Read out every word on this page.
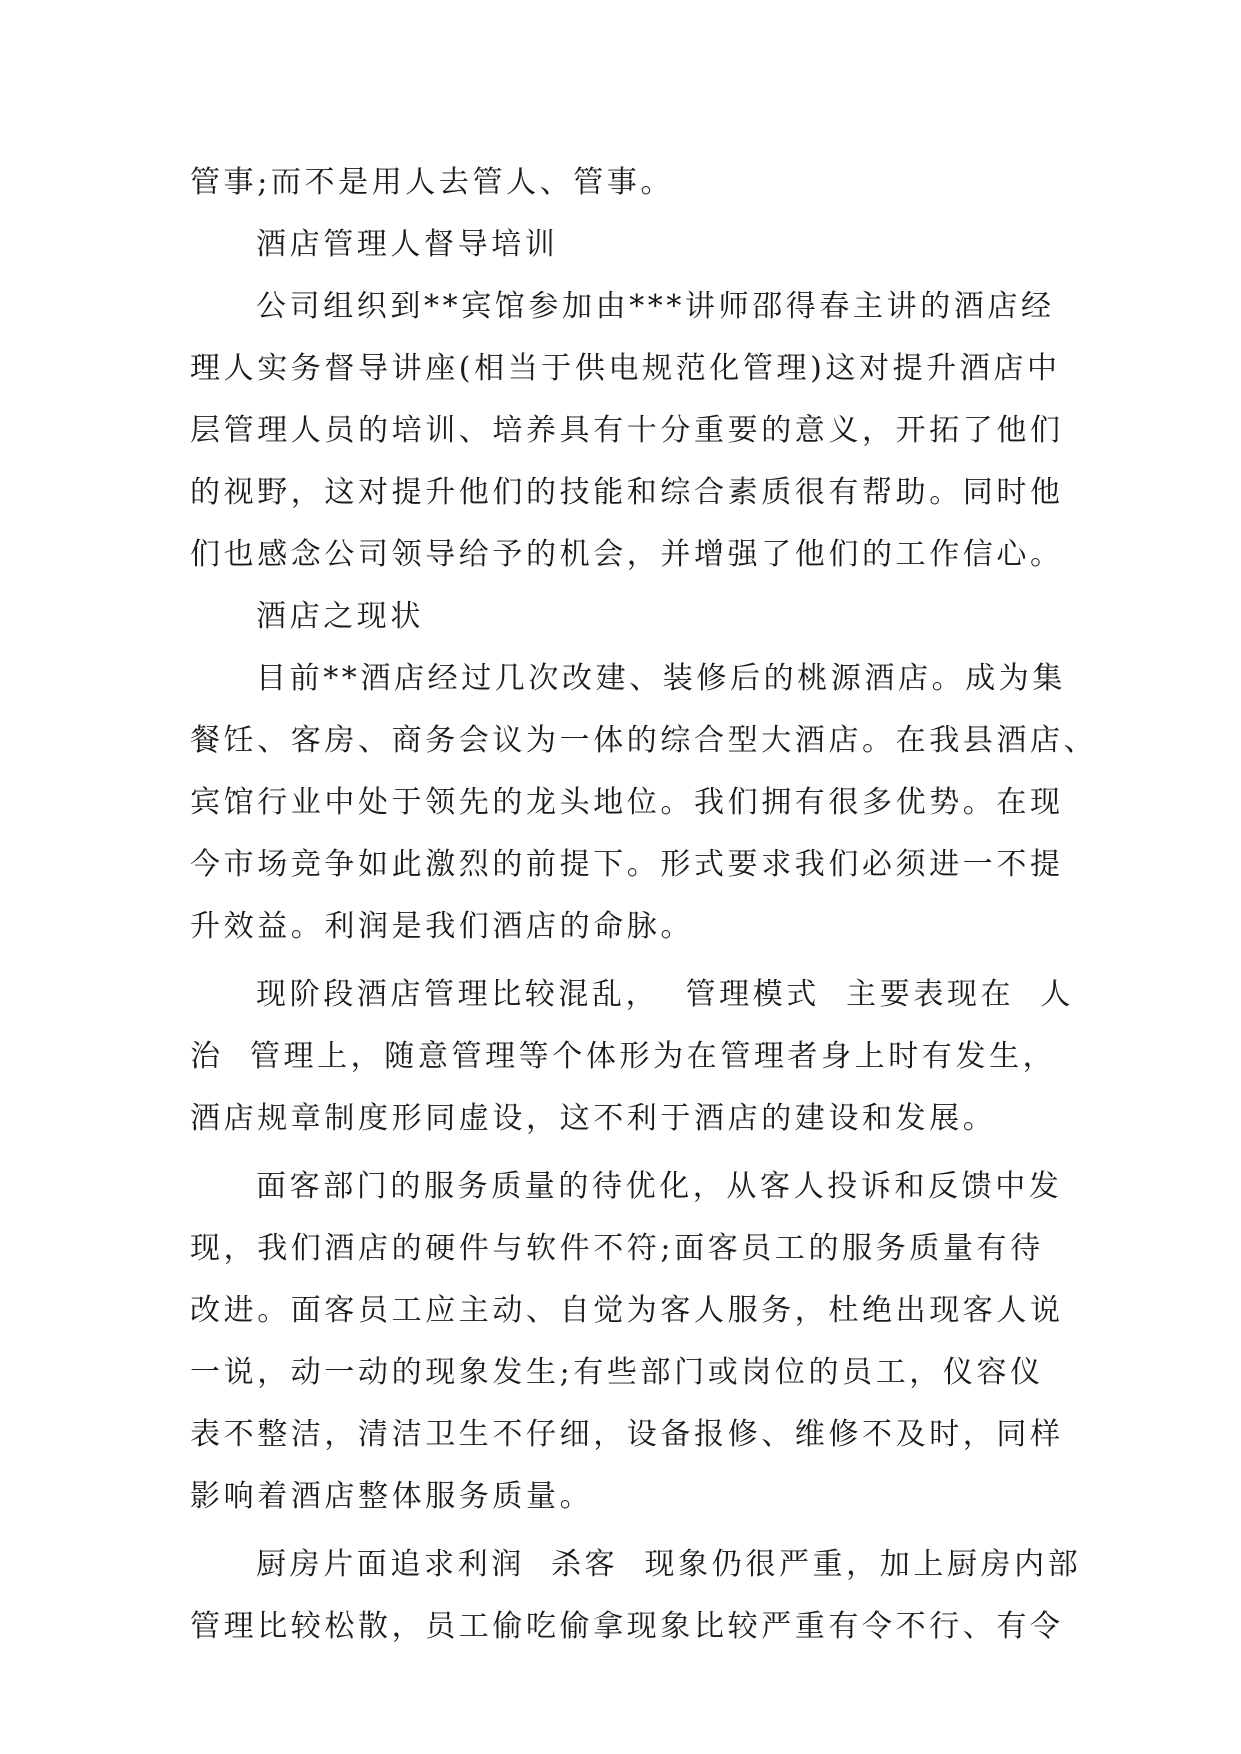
管事;而不是用人去管人、管事。
酒店管理人督导培训
公司组织到**宾馆参加由***讲师邵得春主讲的酒店经
理人实务督导讲座(相当于供电规范化管理)这对提升酒店中
层管理人员的培训、培养具有十分重要的意义，开拓了他们
的视野，这对提升他们的技能和综合素质很有帮助。同时他
们也感念公司领导给予的机会，并增强了他们的工作信心。
酒店之现状
目前**酒店经过几次改建、装修后的桃源酒店。成为集
餐饪、客房、商务会议为一体的综合型大酒店。在我县酒店、
宾馆行业中处于领先的龙头地位。我们拥有很多优势。在现
今市场竞争如此激烈的前提下。形式要求我们必须进一不提
升效益。利润是我们酒店的命脉。
现阶段酒店管理比较混乱，  管理模式  主要表现在  人
治  管理上，随意管理等个体形为在管理者身上时有发生，
酒店规章制度形同虚设，这不利于酒店的建设和发展。
面客部门的服务质量的待优化，从客人投诉和反馈中发
现，我们酒店的硬件与软件不符;面客员工的服务质量有待
改进。面客员工应主动、自觉为客人服务，杜绝出现客人说
一说，动一动的现象发生;有些部门或岗位的员工，仪容仪
表不整洁，清洁卫生不仔细，设备报修、维修不及时，同样
影响着酒店整体服务质量。
厨房片面追求利润  杀客  现象仍很严重，加上厨房内部
管理比较松散，员工偷吃偷拿现象比较严重有令不行、有令
